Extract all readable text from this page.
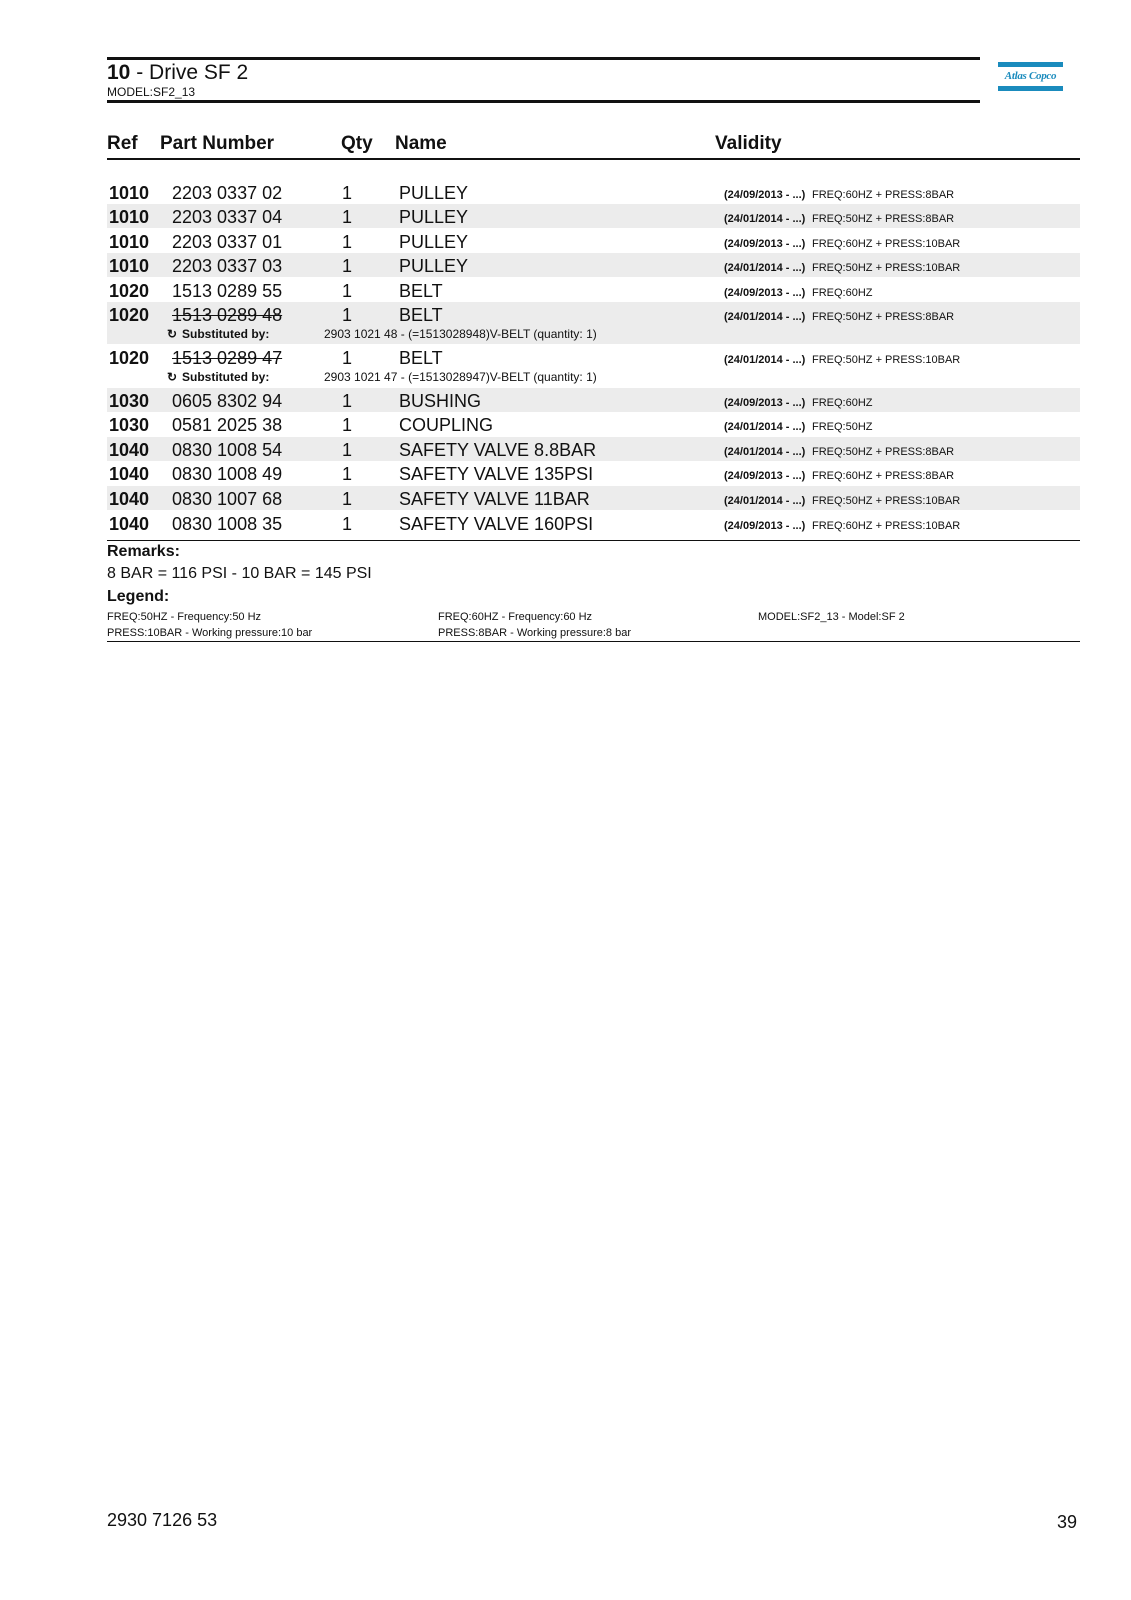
10 - Drive SF 2
MODEL:SF2_13
Atlas Copco
Ref Part Number	Qty Name	Validity
1010 2203 0337 02	1	PULLEY	(24/09/2013 - ...) FREQ:60HZ + PRESS:8BAR
1010 2203 0337 04	1	PULLEY	(24/01/2014 - ...) FREQ:50HZ + PRESS:8BAR
1010 2203 0337 01	1	PULLEY	(24/09/2013 - ...) FREQ:60HZ + PRESS:10BAR
1010 2203 0337 03	1	PULLEY	(24/01/2014 - ...) FREQ:50HZ + PRESS:10BAR
1020 1513 0289 55	1	BELT	(24/09/2013 - ...) FREQ:60HZ
1020 1513 0289 48	1	BELT	(24/01/2014 - ...) FREQ:50HZ + PRESS:8BAR
↻ Substituted by:	2903 1021 48 - (=1513028948)V-BELT (quantity: 1)
1020 1513 0289 47	1	BELT	(24/01/2014 - ...) FREQ:50HZ + PRESS:10BAR
↻ Substituted by:	2903 1021 47 - (=1513028947)V-BELT (quantity: 1)
1030 0605 8302 94	1	BUSHING	(24/09/2013 - ...) FREQ:60HZ
1030 0581 2025 38	1	COUPLING	(24/01/2014 - ...) FREQ:50HZ
1040 0830 1008 54	1	SAFETY VALVE 8.8BAR	(24/01/2014 - ...) FREQ:50HZ + PRESS:8BAR
1040 0830 1008 49	1	SAFETY VALVE 135PSI	(24/09/2013 - ...) FREQ:60HZ + PRESS:8BAR
1040 0830 1007 68	1	SAFETY VALVE 11BAR	(24/01/2014 - ...) FREQ:50HZ + PRESS:10BAR
1040 0830 1008 35	1	SAFETY VALVE 160PSI	(24/09/2013 - ...) FREQ:60HZ + PRESS:10BAR
Remarks:
8 BAR = 116 PSI - 10 BAR = 145 PSI
Legend:
FREQ:50HZ - Frequency:50 Hz	FREQ:60HZ - Frequency:60 Hz	MODEL:SF2_13 - Model:SF 2
PRESS:10BAR - Working pressure:10 bar	PRESS:8BAR - Working pressure:8 bar
2930 7126 53	39
